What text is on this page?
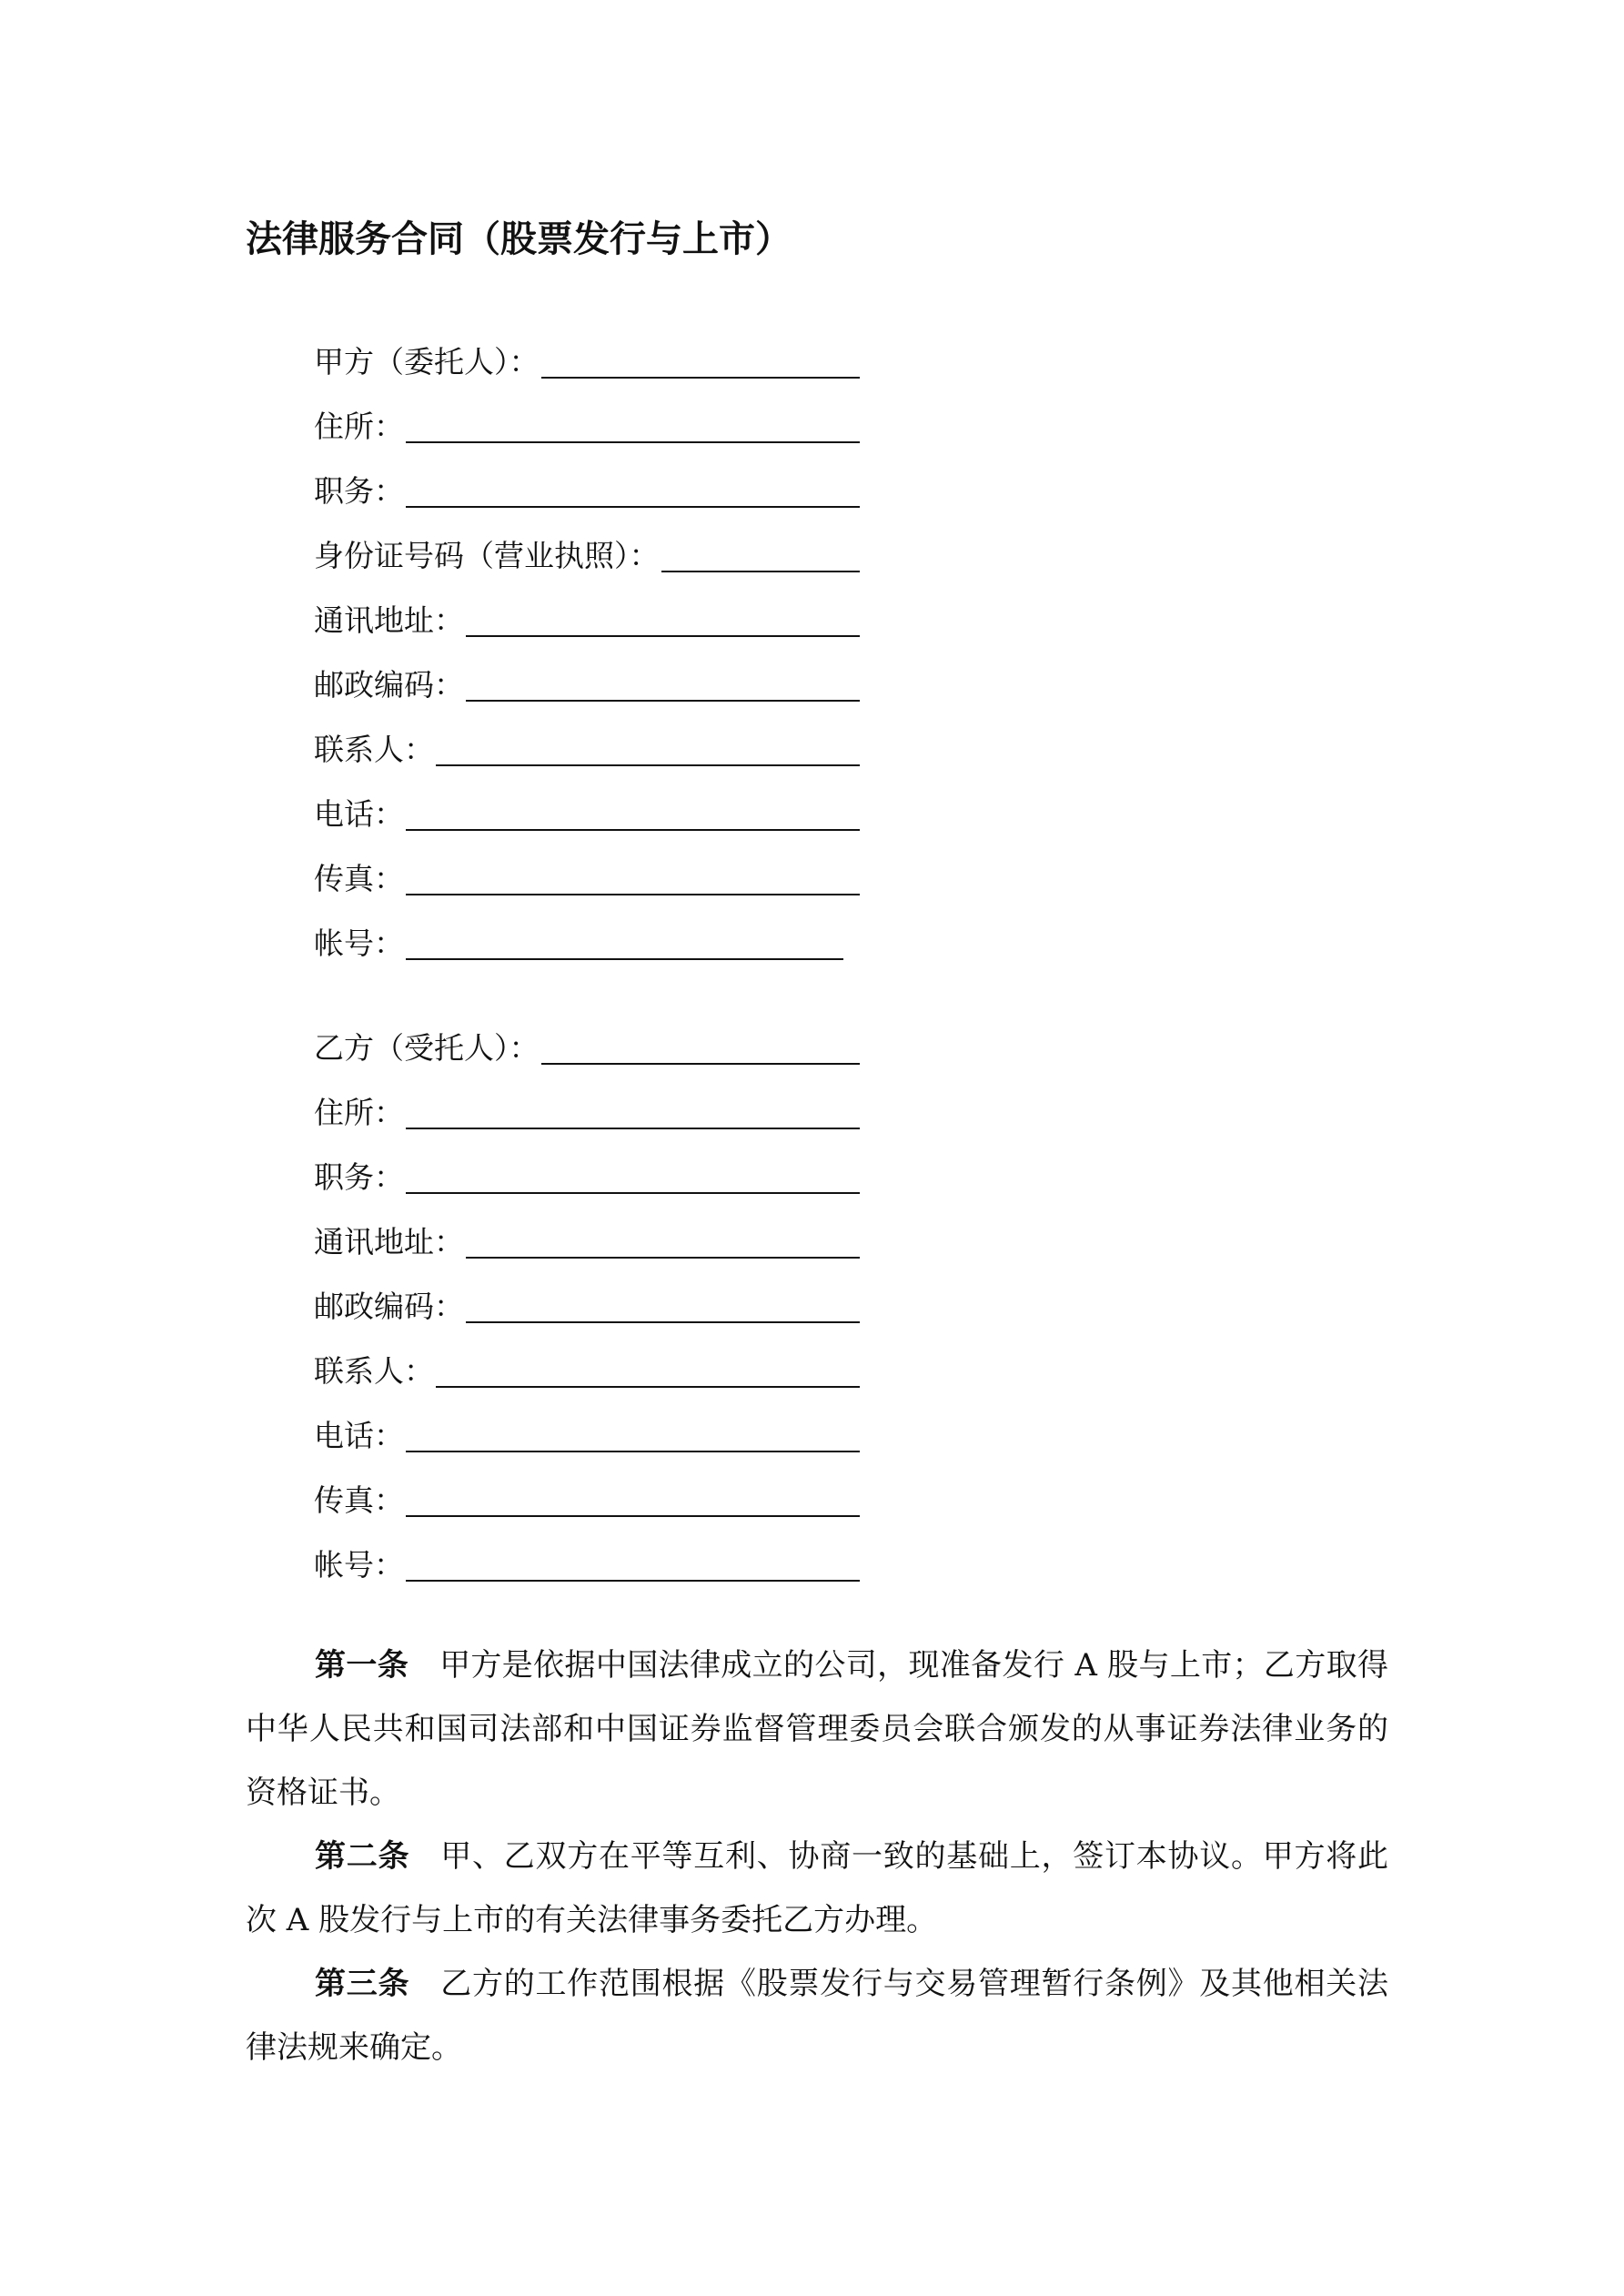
法律服务合同（股票发行与上市）
甲方（委托人）：
住所：
职务：
身份证号码（营业执照）：
通讯地址：
邮政编码：
联系人：
电话：
传真：
帐号：
乙方（受托人）：
住所：
职务：
通讯地址：
邮政编码：
联系人：
电话：
传真：
帐号：

第一条 甲方是依据中国法律成立的公司，现准备发行 A 股与上市；乙方取得中华人民共和国司法部和中国证券监督管理委员会联合颁发的从事证券法律业务的资格证书。

第二条 甲、乙双方在平等互利、协商一致的基础上，签订本协议。甲方将此次 A 股发行与上市的有关法律事务委托乙方办理。

第三条 乙方的工作范围根据《股票发行与交易管理暂行条例》及其他相关法律法规来确定。
